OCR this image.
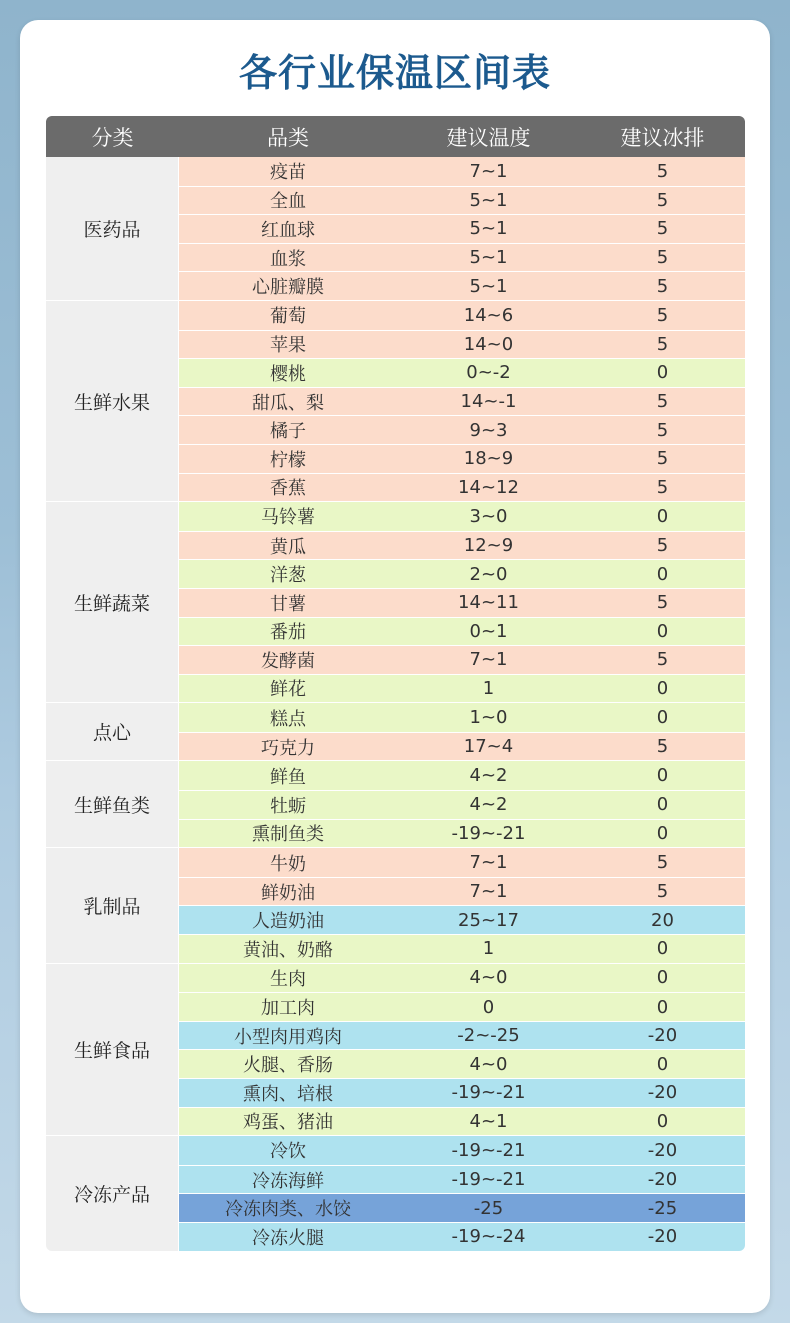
各行业保温区间表
分类	品类	建议温度	建议冰排
医药品
疫苗	7~1	5
全血	5~1	5
红血球	5~1	5
血浆	5~1	5
心脏瓣膜	5~1	5
生鲜水果
葡萄	14~6	5
苹果	14~0	5
樱桃	0~-2	0
甜瓜、梨	14~-1	5
橘子	9~3	5
柠檬	18~9	5
香蕉	14~12	5
生鲜蔬菜
马铃薯	3~0	0
黄瓜	12~9	5
洋葱	2~0	0
甘薯	14~11	5
番茄	0~1	0
发酵菌	7~1	5
鲜花	1	0
点心
糕点	1~0	0
巧克力	17~4	5
生鲜鱼类
鲜鱼	4~2	0
牡蛎	4~2	0
熏制鱼类	-19~-21	0
乳制品
牛奶	7~1	5
鲜奶油	7~1	5
人造奶油	25~17	20
黄油、奶酪	1	0
生鲜食品
生肉	4~0	0
加工肉	0	0
小型肉用鸡肉	-2~-25	-20
火腿、香肠	4~0	0
熏肉、培根	-19~-21	-20
鸡蛋、猪油	4~1	0
冷冻产品
冷饮	-19~-21	-20
冷冻海鲜	-19~-21	-20
冷冻肉类、水饺	-25	-25
冷冻火腿	-19~-24	-20
